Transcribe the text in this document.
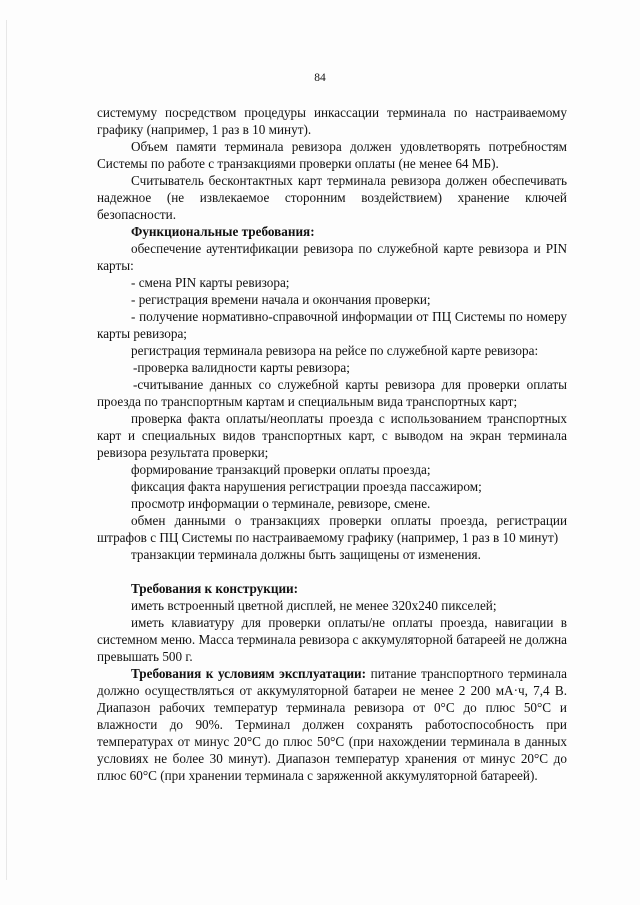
84

системуму посредством процедуры инкассации терминала по настраиваемому графику (например, 1 раз в 10 минут).

Объем памяти терминала ревизора должен удовлетворять потребностям Системы по работе с транзакциями проверки оплаты (не менее 64 МБ).

Считыватель бесконтактных карт терминала ревизора должен обеспечивать надежное (не извлекаемое сторонним воздействием) хранение ключей безопасности.

Функциональные требования:

обеспечение аутентификации ревизора по служебной карте ревизора и PIN карты:

- смена PIN карты ревизора;

- регистрация времени начала и окончания проверки;

- получение нормативно-справочной информации от ПЦ Системы по номеру карты ревизора;

регистрация терминала ревизора на рейсе по служебной карте ревизора:

-проверка валидности карты ревизора;

-считывание данных со служебной карты ревизора для проверки оплаты проезда по транспортным картам и специальным вида транспортных карт;

проверка факта оплаты/неоплаты проезда с использованием транспортных карт и специальных видов транспортных карт, с выводом на экран терминала ревизора результата проверки;

формирование транзакций проверки оплаты проезда;

фиксация факта нарушения регистрации проезда пассажиром;

просмотр информации о терминале, ревизоре, смене.

обмен данными о транзакциях проверки оплаты проезда, регистрации штрафов с ПЦ Системы по настраиваемому графику (например, 1 раз в 10 минут)

транзакции терминала должны быть защищены от изменения.

Требования к конструкции:

иметь встроенный цветной дисплей, не менее 320х240 пикселей;

иметь клавиатуру для проверки оплаты/не оплаты проезда, навигации в системном меню. Масса терминала ревизора с аккумуляторной батареей не должна превышать 500 г.

Требования к условиям эксплуатации: питание транспортного терминала должно осуществляться от аккумуляторной батареи не менее 2 200 мА·ч, 7,4 В. Диапазон рабочих температур терминала ревизора от 0°С до плюс 50°С и влажности до 90%. Терминал должен сохранять работоспособность при температурах от минус 20°С до плюс 50°С (при нахождении терминала в данных условиях не более 30 минут). Диапазон температур хранения от минус 20°С до плюс 60°С (при хранении терминала с заряженной аккумуляторной батареей).
